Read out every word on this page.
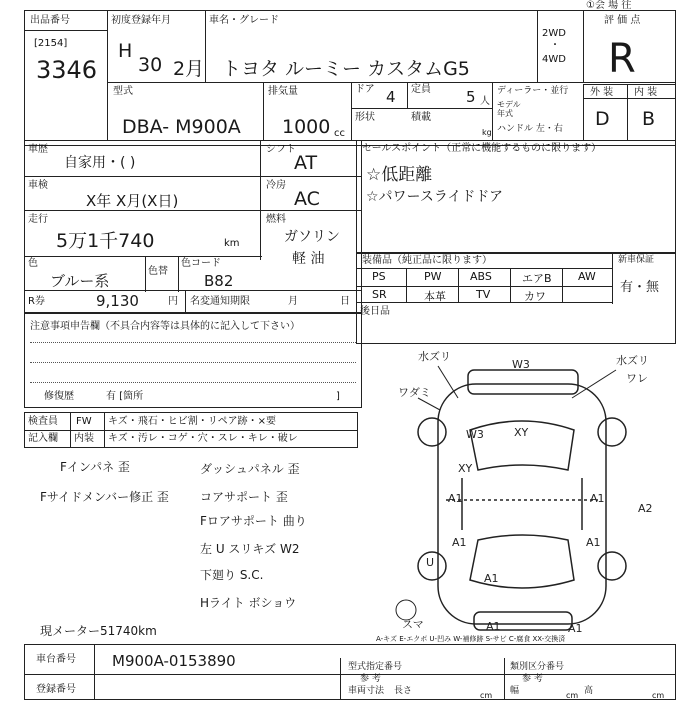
出品番号
[2154]
3346
初度登録年月
H
30 2月
車名・グレード
トヨタ ルーミー カスタムG5
2WD
・
4WD
①会 場 往
評 価 点
R
外 装 内 装
D B
型式
DBA- M900A
排気量
1000 cc
ドア 4 定員 5 人
形状	積載
kg
ディーラー・並行
モデル年式
ハンドル 左・右
車歴
自家用・( )
シフト
AT
車検
X年 X月(X日)
冷房
AC
走行
5万1千740	km
燃料
ガソリン
軽 油
色
ブルー系
色替
色コード
B82
R券	9,130	円 名変通知期限	月	日
セールスポイント（正常に機能するものに限ります）
☆低距離
☆パワースライドドア
装備品（純正品に限ります）	新車保証
有・無
PS	PW	ABS	エアB AW
SR	本革	TV	カワ
後日品
注意事項申告欄（不具合内容等は具体的に記入して下さい）
修復歴	有 [箇所	]
検査員
記入欄
FW
内装
キズ・飛石・ヒビ割・リペア跡・×要
キズ・汚レ・コゲ・穴・スレ・キレ・破レ
Fインパネ 歪
Fサイドメンバー修正 歪
ダッシュパネル 歪
コアサポート 歪
Fロアサポート 曲り
左 U スリキズ W2
下廻り S.C.
Hライト ボショウ
現メーター51740km
水ズリ
W3	水ズリ
ワレ
ワダミ
W3	XY
XY
A1	A1
A1
A2
A1
A1
A1	A1
U
スマ
A-キズ E-エクボ U-凹み W-補修跡 S-サビ C-腐食 XX-交換済
車台番号 M900A-0153890
登録番号
型式指定番号
参 考
類別区分番号
参 考
車両寸法 長さ	cm 幅	cm 高	cm
